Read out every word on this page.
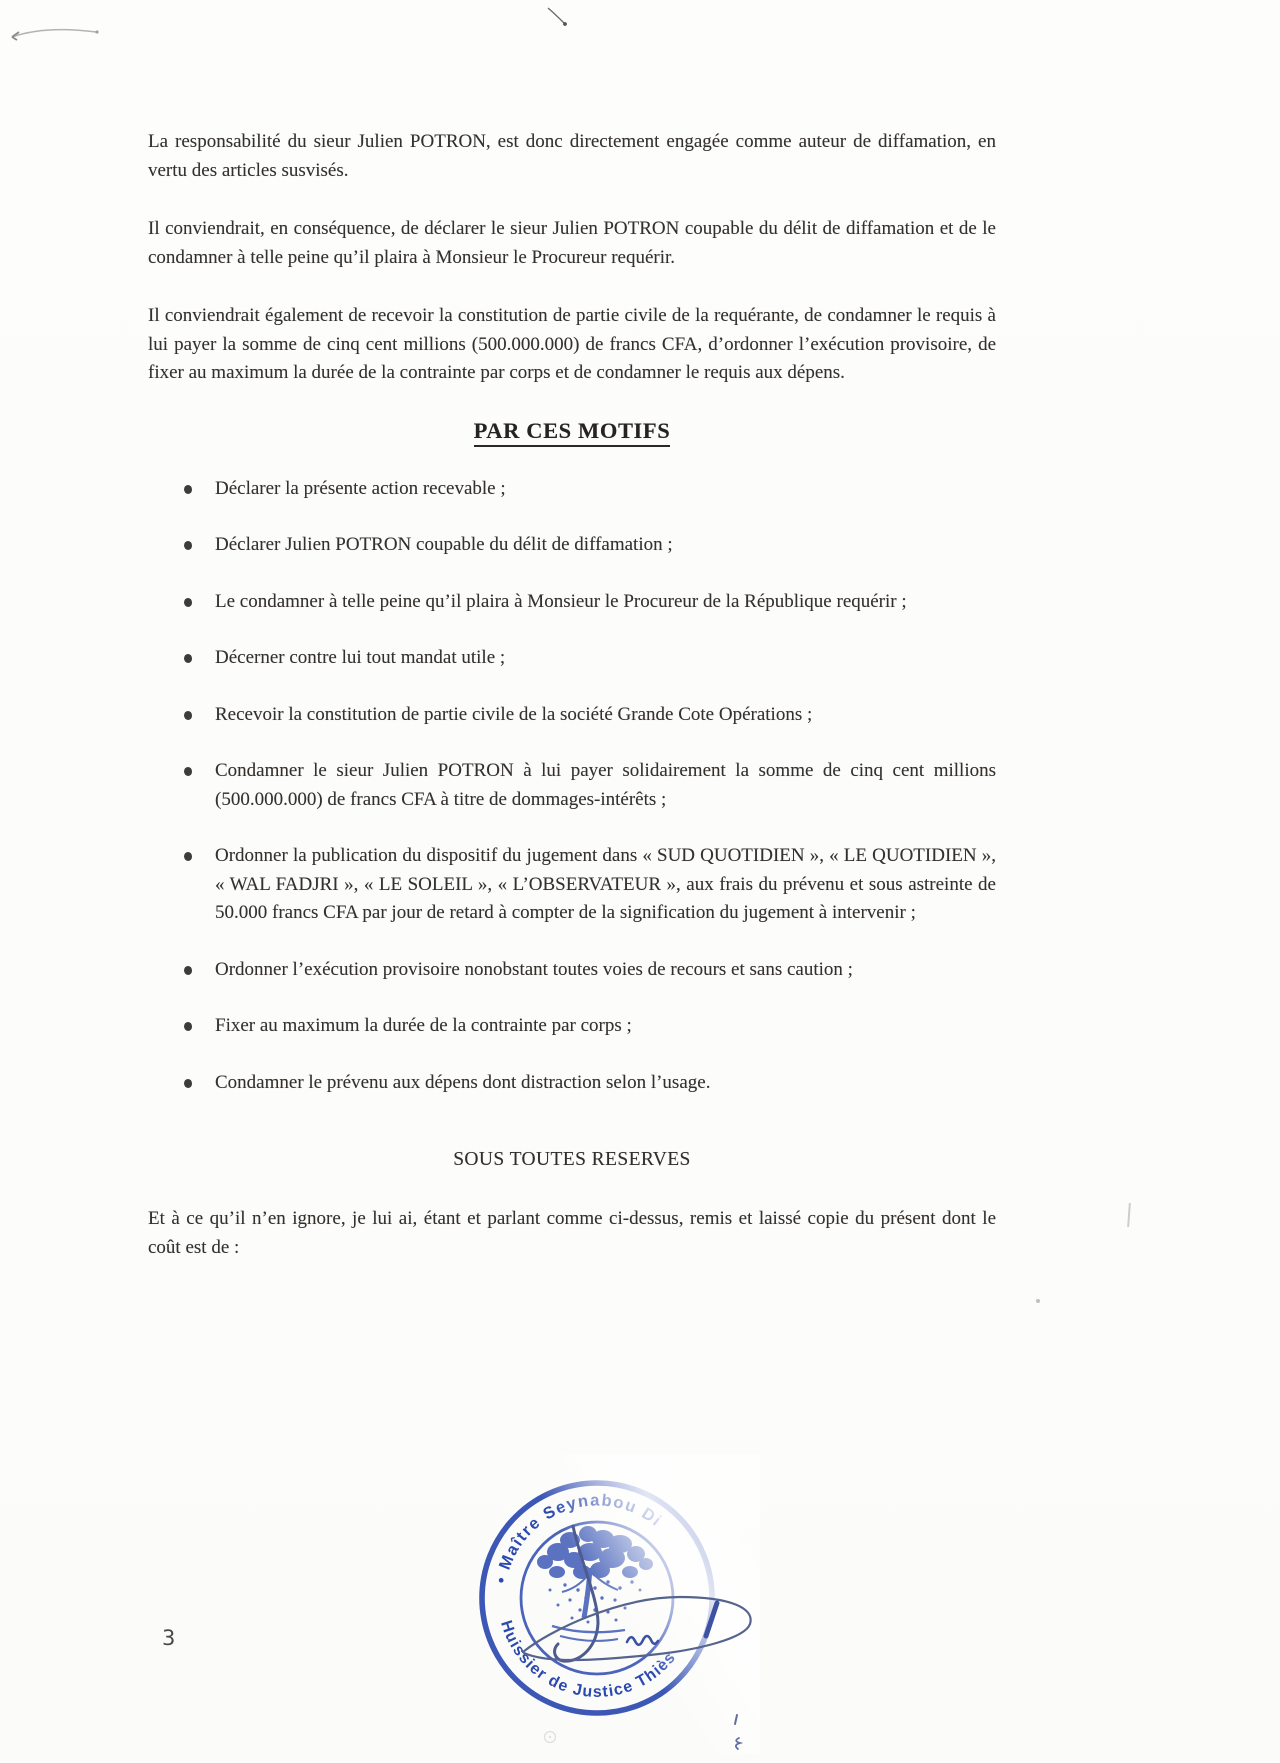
La responsabilité du sieur Julien POTRON, est donc directement engagée comme auteur de diffamation, en vertu des articles susvisés.

Il conviendrait, en conséquence, de déclarer le sieur Julien POTRON coupable du délit de diffamation et de le condamner à telle peine qu’il plaira à Monsieur le Procureur requérir.

Il conviendrait également de recevoir la constitution de partie civile de la requérante, de condamner le requis à lui payer la somme de cinq cent millions (500.000.000) de francs CFA, d’ordonner l’exécution provisoire, de fixer au maximum la durée de la contrainte par corps et de condamner le requis aux dépens.

PAR CES MOTIFS
Déclarer la présente action recevable ;
Déclarer Julien POTRON coupable du délit de diffamation ;
Le condamner à telle peine qu’il plaira à Monsieur le Procureur de la République requérir ;
Décerner contre lui tout mandat utile ;
Recevoir la constitution de partie civile de la société Grande Cote Opérations ;
Condamner le sieur Julien POTRON à lui payer solidairement la somme de cinq cent millions (500.000.000) de francs CFA à titre de dommages-intérêts ;
Ordonner la publication du dispositif du jugement dans « SUD QUOTIDIEN », « LE QUOTIDIEN », « WAL FADJRI », « LE SOLEIL », « L’OBSERVATEUR », aux frais du prévenu et sous astreinte de 50.000 francs CFA par jour de retard à compter de la signification du jugement à intervenir ;
Ordonner l’exécution provisoire nonobstant toutes voies de recours et sans caution ;
Fixer au maximum la durée de la contrainte par corps ;
Condamner le prévenu aux dépens dont distraction selon l’usage.
SOUS TOUTES RESERVES

Et à ce qu’il n’en ignore, je lui ai, étant et parlant comme ci-dessus, remis et laissé copie du présent dont le coût est de :

3
